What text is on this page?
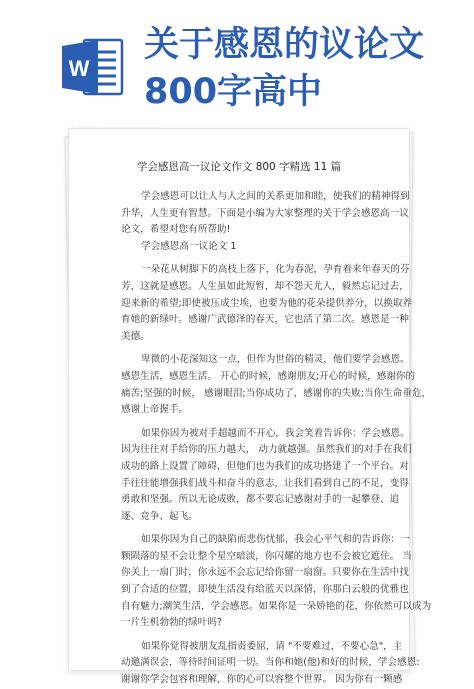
W
关于感恩的议论文
800字高中
学会感恩高一议论文作文 800 字精选 11 篇
学会感恩可以让人与人之间的关系更加和睦，使我们的精神得到
升华，人生更有智慧。下面是小编为大家整理的关于学会感恩高一议
论文，希望对您有所帮助!
学会感恩高一议论文 1
一朵花从树脚下的高枝上落下，化为春泥，孕育着来年春天的芬
芳，这就是感恩。人生虽如此短暂，却不怨天尤人，毅然忘记过去，
迎来新的希望;即使被压成尘埃，也要为他的花朵提供养分，以换取养
育她的新绿叶。感谢广武德泽的春天，它也活了第二次。感恩是一种
美德。
卑微的小花深知这一点，但作为世俗的精灵，他们要学会感恩。
感恩生活，感恩生活。 开心的时候，感谢朋友;开心的时候，感谢你的
痛苦;坚强的时候， 感谢眼泪;当你成功了，感谢你的失败;当你生命垂危，
感谢上帝握手。
如果你因为被对手超越而不开心，我会笑着告诉你：学会感恩。
因为往往对手给你的压力越大， 动力就越强。虽然我们的对手在我们
成功的路上设置了障碍，但他们也为我们的成功搭建了一个平台。对
手往往能增强我们战斗和奋斗的意志，让我们看到自己的不足，变得
勇敢和坚强。所以无论成败，都不要忘记感谢对手的一起攀登、追
逐、竞争、起飞。
如果你因为自己的缺陷而悲伤忧郁，我会心平气和的告诉你：一
颗陨落的星不会让整个星空暗淡，你闪耀的地方也不会被它遮住。 当
你关上一扇门时，你永远不会忘记给你留一扇窗。只要你在生活中找
到了合适的位置，即使生活没有给蓝天以深情，你那白云般的优雅也
自有魅力;潮笑生活，学会感恩。如果你是一朵娇艳的花，你依然可以成为
一片生机勃勃的绿叶吗?
如果你觉得被朋友乱指责委屈，请 "不要难过，不要心急"，主
动邀满误会，等待时间证明一切。当你和她(他)和好的时候，学会感恩:
谢谢你学会包容和理解，你的心可以容整个世界。 因为你有一颗感
